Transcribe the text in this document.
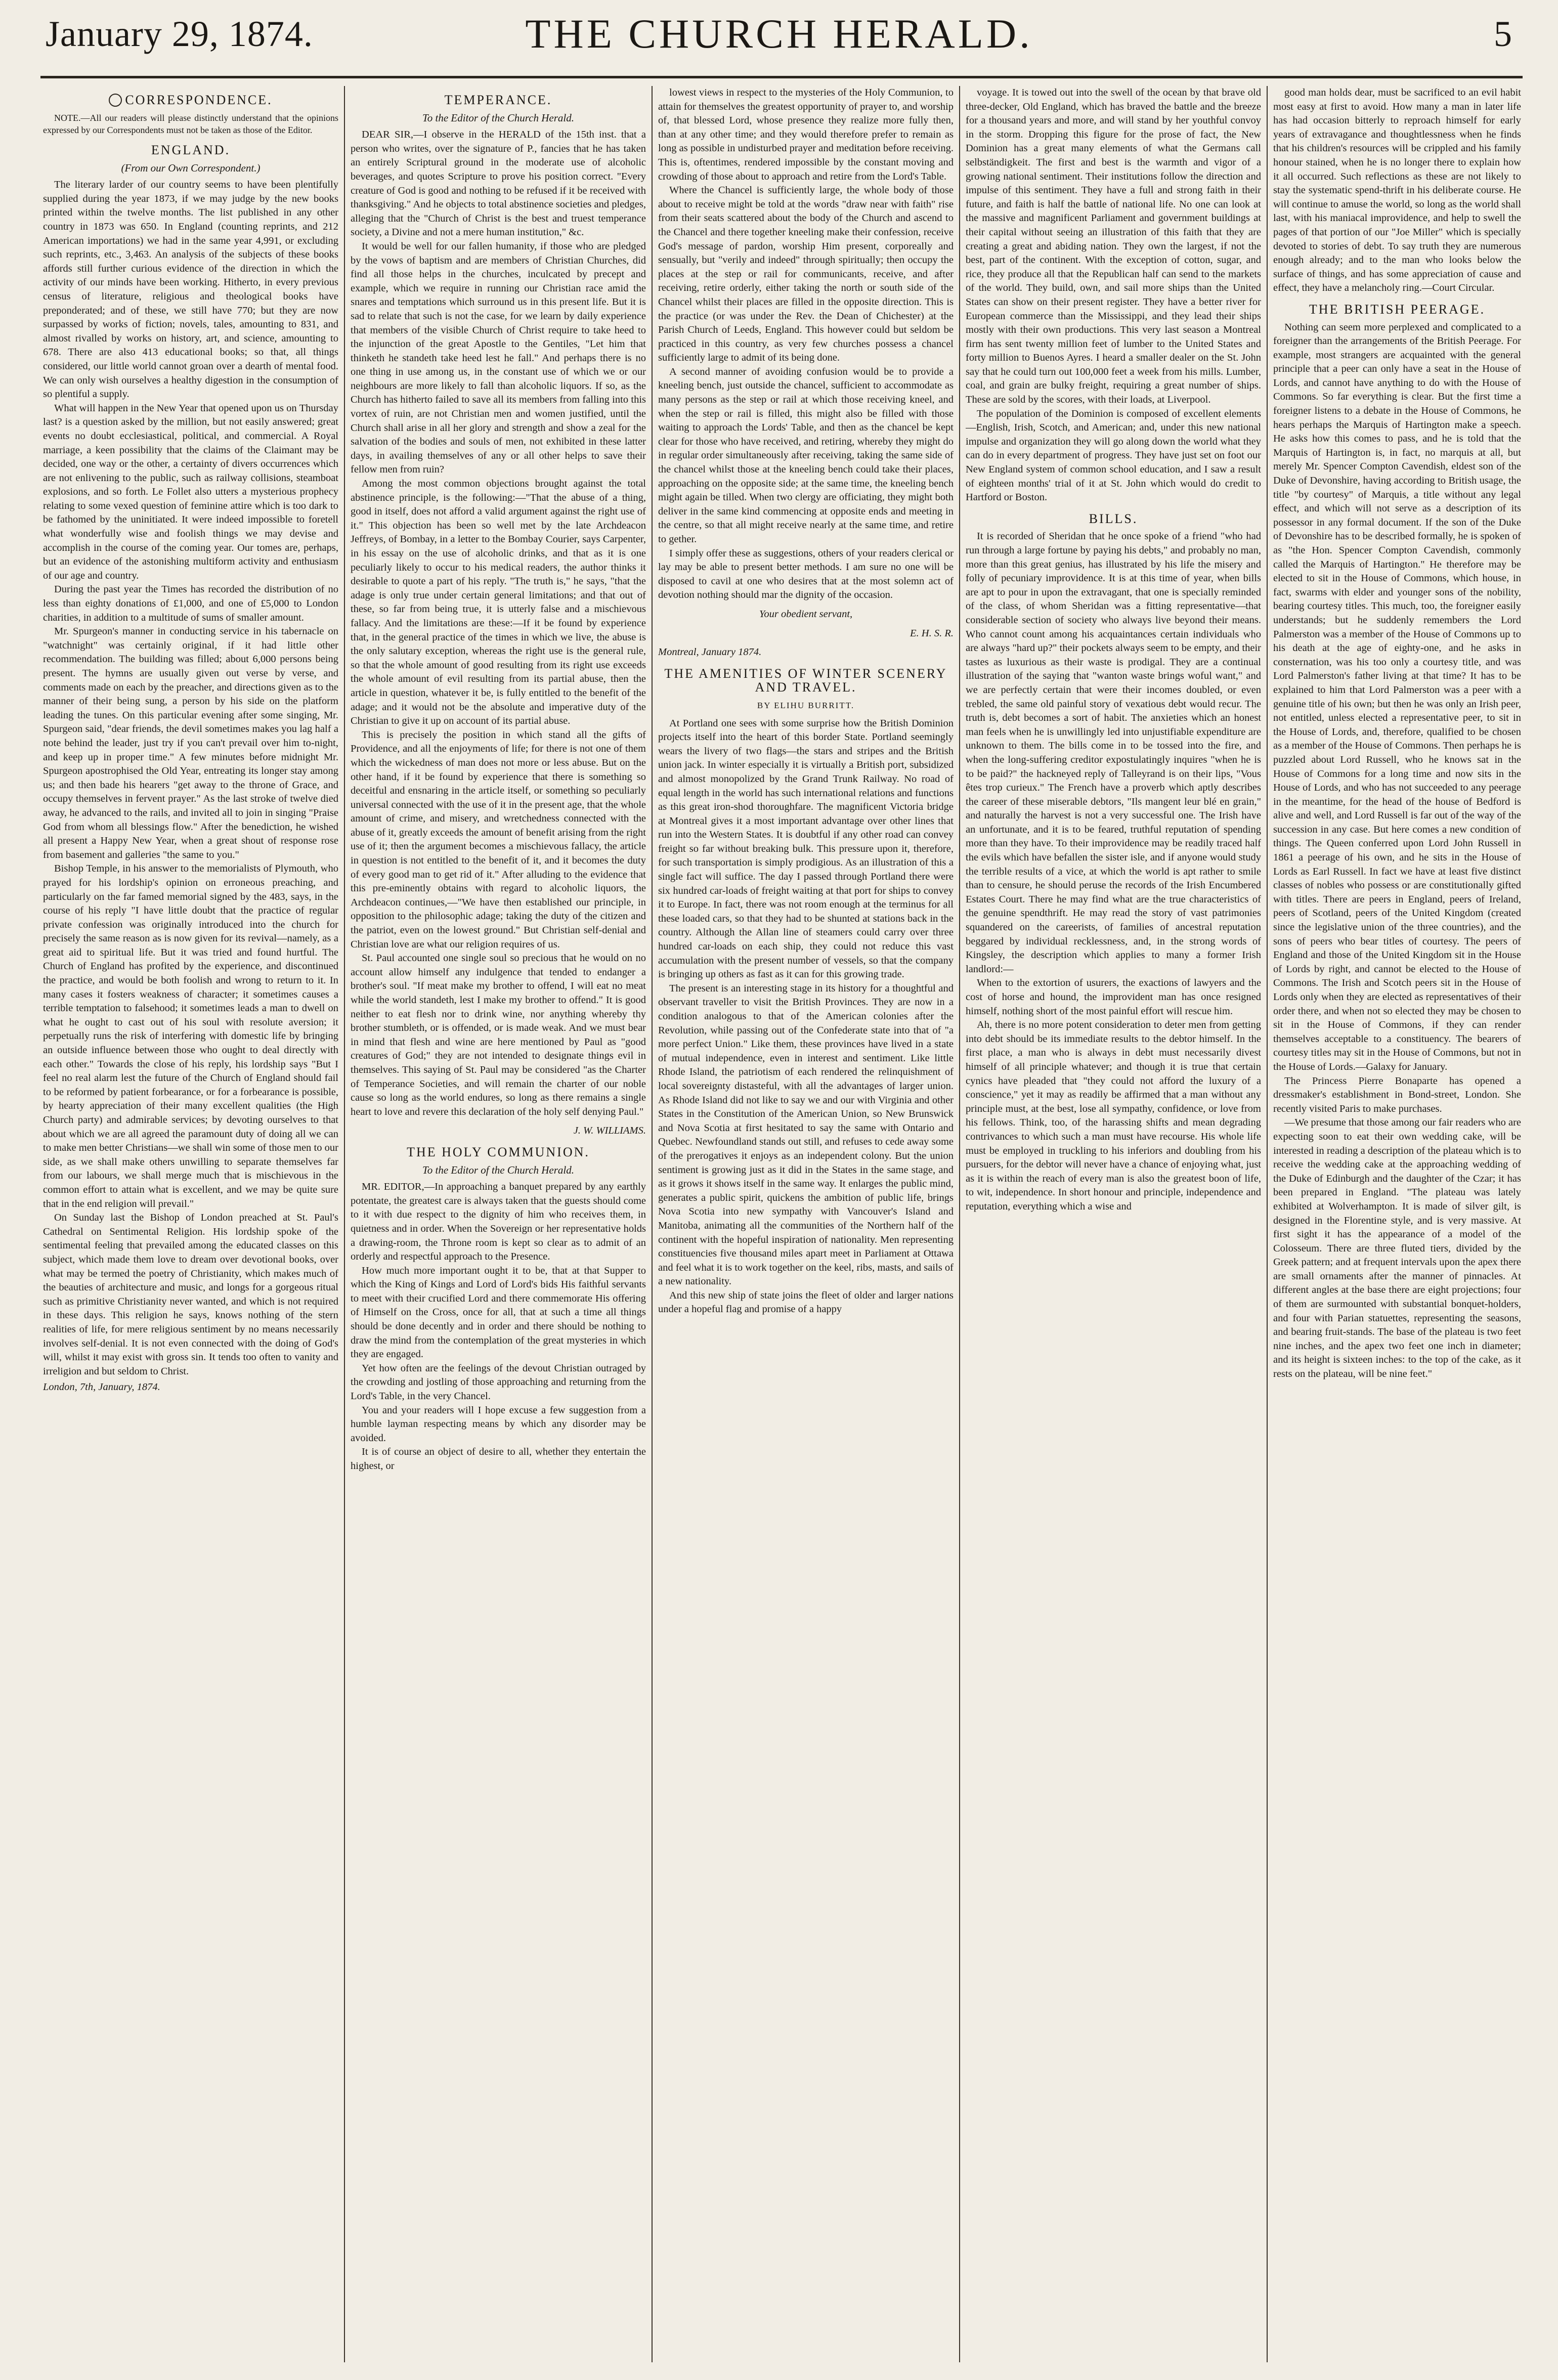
January 29, 1874.	THE CHURCH HERALD.	5
CORRESPONDENCE.

NOTE.—All our readers will please distinctly understand that the opinions expressed by our Correspondents must not be taken as those of the Editor.

ENGLAND.
(From our Own Correspondent.)

The literary larder of our country seems to have been plentifully supplied during the year 1873, if we may judge by the new books printed within the twelve months. The list published in any other country in 1873 was 650. In England (counting reprints, and 212 American importations) we had in the same year 4,991, or excluding such reprints, etc., 3,463. An analysis of the subjects of these books affords still further curious evidence of the direction in which the activity of our minds have been working. Hitherto, in every previous census of literature, religious and theological books have preponderated; and of these, we still have 770; but they are now surpassed by works of fiction; novels, tales, amounting to 831, and almost rivalled by works on history, art, and science, amounting to 678. There are also 413 educational books; so that, all things considered, our little world cannot groan over a dearth of mental food. We can only wish ourselves a healthy digestion in the consumption of so plentiful a supply.

What will happen in the New Year that opened upon us on Thursday last? is a question asked by the million, but not easily answered; great events no doubt ecclesiastical, political, and commercial. A Royal marriage, a keen possibility that the claims of the Claimant may be decided, one way or the other, a certainty of divers occurrences which are not enlivening to the public, such as railway collisions, steamboat explosions, and so forth. Le Follet also utters a mysterious prophecy relating to some vexed question of feminine attire which is too dark to be fathomed by the uninitiated. It were indeed impossible to foretell what wonderfully wise and foolish things we may devise and accomplish in the course of the coming year. Our tomes are, perhaps, but an evidence of the astonishing multiform activity and enthusiasm of our age and country.

During the past year the Times has recorded the distribution of no less than eighty donations of £1,000, and one of £5,000 to London charities, in addition to a multitude of sums of smaller amount.

Mr. Spurgeon's manner in conducting service in his tabernacle on "watchnight" was certainly original, if it had little other recommendation. The building was filled; about 6,000 persons being present. The hymns are usually given out verse by verse, and comments made on each by the preacher, and directions given as to the manner of their being sung, a person by his side on the platform leading the tunes. On this particular evening after some singing, Mr. Spurgeon said, "dear friends, the devil sometimes makes you lag half a note behind the leader, just try if you can't prevail over him to-night, and keep up in proper time." A few minutes before midnight Mr. Spurgeon apostrophised the Old Year, entreating its longer stay among us; and then bade his hearers "get away to the throne of Grace, and occupy themselves in fervent prayer." As the last stroke of twelve died away, he advanced to the rails, and invited all to join in singing "Praise God from whom all blessings flow." After the benediction, he wished all present a Happy New Year, when a great shout of response rose from basement and galleries "the same to you."

Bishop Temple, in his answer to the memorialists of Plymouth, who prayed for his lordship's opinion on erroneous preaching, and particularly on the far famed memorial signed by the 483, says, in the course of his reply "I have little doubt that the practice of regular private confession was originally introduced into the church for precisely the same reason as is now given for its revival—namely, as a great aid to spiritual life. But it was tried and found hurtful. The Church of England has profited by the experience, and discontinued the practice, and would be both foolish and wrong to return to it. In many cases it fosters weakness of character; it sometimes causes a terrible temptation to falsehood; it sometimes leads a man to dwell on what he ought to cast out of his soul with resolute aversion; it perpetually runs the risk of interfering with domestic life by bringing an outside influence between those who ought to deal directly with each other." Towards the close of his reply, his lordship says "But I feel no real alarm lest the future of the Church of England should fail to be reformed by patient forbearance, or for a forbearance is possible, by hearty appreciation of their many excellent qualities (the High Church party) and admirable services; by devoting ourselves to that about which we are all agreed the paramount duty of doing all we can to make men better Christians—we shall win some of those men to our side, as we shall make others unwilling to separate themselves far from our labours, we shall merge much that is mischievous in the common effort to attain what is excellent, and we may be quite sure that in the end religion will prevail."

On Sunday last the Bishop of London preached at St. Paul's Cathedral on Sentimental Religion. His lordship spoke of the sentimental feeling that prevailed among the educated classes on this subject, which made them love to dream over devotional books, over what may be termed the poetry of Christianity, which makes much of the beauties of architecture and music, and longs for a gorgeous ritual such as primitive Christianity never wanted, and which is not required in these days. This religion he says, knows nothing of the stern realities of life, for mere religious sentiment by no means necessarily involves self-denial. It is not even connected with the doing of God's will, whilst it may exist with gross sin. It tends too often to vanity and irreligion and but seldom to Christ.

London, 7th, January, 1874.

TEMPERANCE.
To the Editor of the Church Herald.

DEAR SIR,—I observe in the HERALD of the 15th inst. that a person who writes, over the signature of P., fancies that he has taken an entirely Scriptural ground in the moderate use of alcoholic beverages, and quotes Scripture to prove his position correct. "Every creature of God is good and nothing to be refused if it be received with thanksgiving." And he objects to total abstinence societies and pledges, alleging that the "Church of Christ is the best and truest temperance society, a Divine and not a mere human institution," &c.

It would be well for our fallen humanity, if those who are pledged by the vows of baptism and are members of Christian Churches, did find all those helps in the churches, inculcated by precept and example, which we require in running our Christian race amid the snares and temptations which surround us in this present life. But it is sad to relate that such is not the case, for we learn by daily experience that members of the visible Church of Christ require to take heed to the injunction of the great Apostle to the Gentiles, "Let him that thinketh he standeth take heed lest he fall." And perhaps there is no one thing in use among us, in the constant use of which we or our neighbours are more likely to fall than alcoholic liquors. If so, as the Church has hitherto failed to save all its members from falling into this vortex of ruin, are not Christian men and women justified, until the Church shall arise in all her glory and strength and show a zeal for the salvation of the bodies and souls of men, not exhibited in these latter days, in availing themselves of any or all other helps to save their fellow men from ruin?

Among the most common objections brought against the total abstinence principle, is the following:—"That the abuse of a thing, good in itself, does not afford a valid argument against the right use of it." This objection has been so well met by the late Archdeacon Jeffreys, of Bombay, in a letter to the Bombay Courier, says Carpenter, in his essay on the use of alcoholic drinks, and that as it is one peculiarly likely to occur to his medical readers, the author thinks it desirable to quote a part of his reply. "The truth is," he says, "that the adage is only true under certain general limitations; and that out of these, so far from being true, it is utterly false and a mischievous fallacy. And the limitations are these:—If it be found by experience that, in the general practice of the times in which we live, the abuse is the only salutary exception, whereas the right use is the general rule, so that the whole amount of good resulting from its right use exceeds the whole amount of evil resulting from its partial abuse, then the article in question, whatever it be, is fully entitled to the benefit of the adage; and it would not be the absolute and imperative duty of the Christian to give it up on account of its partial abuse.

This is precisely the position in which stand all the gifts of Providence, and all the enjoyments of life; for there is not one of them which the wickedness of man does not more or less abuse. But on the other hand, if it be found by experience that there is something so deceitful and ensnaring in the article itself, or something so peculiarly universal connected with the use of it in the present age, that the whole amount of crime, and misery, and wretchedness connected with the abuse of it, greatly exceeds the amount of benefit arising from the right use of it; then the argument becomes a mischievous fallacy, the article in question is not entitled to the benefit of it, and it becomes the duty of every good man to get rid of it." After alluding to the evidence that this pre-eminently obtains with regard to alcoholic liquors, the Archdeacon continues,—"We have then established our principle, in opposition to the philosophic adage; taking the duty of the citizen and the patriot, even on the lowest ground." But Christian self-denial and Christian love are what our religion requires of us.

St. Paul accounted one single soul so precious that he would on no account allow himself any indulgence that tended to endanger a brother's soul. "If meat make my brother to offend, I will eat no meat while the world standeth, lest I make my brother to offend." It is good neither to eat flesh nor to drink wine, nor anything whereby thy brother stumbleth, or is offended, or is made weak. And we must bear in mind that flesh and wine are here mentioned by Paul as "good creatures of God;" they are not intended to designate things evil in themselves. This saying of St. Paul may be considered "as the Charter of Temperance Societies, and will remain the charter of our noble cause so long as the world endures, so long as there remains a single heart to love and revere this declaration of the holy self denying Paul."

J. W. WILLIAMS.

THE HOLY COMMUNION.
To the Editor of the Church Herald.

MR. EDITOR,—In approaching a banquet prepared by any earthly potentate, the greatest care is always taken that the guests should come to it with due respect to the dignity of him who receives them, in quietness and in order. When the Sovereign or her representative holds a drawing-room, the Throne room is kept so clear as to admit of an orderly and respectful approach to the Presence.

How much more important ought it to be, that at that Supper to which the King of Kings and Lord of Lord's bids His faithful servants to meet with their crucified Lord and there commemorate His offering of Himself on the Cross, once for all, that at such a time all things should be done decently and in order and there should be nothing to draw the mind from the contemplation of the great mysteries in which they are engaged.

Yet how often are the feelings of the devout Christian outraged by the crowding and jostling of those approaching and returning from the Lord's Table, in the very Chancel.

You and your readers will I hope excuse a few suggestion from a humble layman respecting means by which any disorder may be avoided.

It is of course an object of desire to all, whether they entertain the highest, or

lowest views in respect to the mysteries of the Holy Communion, to attain for themselves the greatest opportunity of prayer to, and worship of, that blessed Lord, whose presence they realize more fully then, than at any other time; and they would therefore prefer to remain as long as possible in undisturbed prayer and meditation before receiving. This is, oftentimes, rendered impossible by the constant moving and crowding of those about to approach and retire from the Lord's Table.

Where the Chancel is sufficiently large, the whole body of those about to receive might be told at the words "draw near with faith" rise from their seats scattered about the body of the Church and ascend to the Chancel and there together kneeling make their confession, receive God's message of pardon, worship Him present, corporeally and sensually, but "verily and indeed" through spiritually; then occupy the places at the step or rail for communicants, receive, and after receiving, retire orderly, either taking the north or south side of the Chancel whilst their places are filled in the opposite direction. This is the practice (or was under the Rev. the Dean of Chichester) at the Parish Church of Leeds, England. This however could but seldom be practiced in this country, as very few churches possess a chancel sufficiently large to admit of its being done.

A second manner of avoiding confusion would be to provide a kneeling bench, just outside the chancel, sufficient to accommodate as many persons as the step or rail at which those receiving kneel, and when the step or rail is filled, this might also be filled with those waiting to approach the Lords' Table, and then as the chancel be kept clear for those who have received, and retiring, whereby they might do in regular order simultaneously after receiving, taking the same side of the chancel whilst those at the kneeling bench could take their places, approaching on the opposite side; at the same time, the kneeling bench might again be tilled. When two clergy are officiating, they might both deliver in the same kind commencing at opposite ends and meeting in the centre, so that all might receive nearly at the same time, and retire to gether.

I simply offer these as suggestions, others of your readers clerical or lay may be able to present better methods. I am sure no one will be disposed to cavil at one who desires that at the most solemn act of devotion nothing should mar the dignity of the occasion.

Your obedient servant,

E. H. S. R.

Montreal, January 1874.

THE AMENITIES OF WINTER SCENERY AND TRAVEL.
BY ELIHU BURRITT.

At Portland one sees with some surprise how the British Dominion projects itself into the heart of this border State. Portland seemingly wears the livery of two flags—the stars and stripes and the British union jack. In winter especially it is virtually a British port, subsidized and almost monopolized by the Grand Trunk Railway. No road of equal length in the world has such international relations and functions as this great iron-shod thoroughfare. The magnificent Victoria bridge at Montreal gives it a most important advantage over other lines that run into the Western States. It is doubtful if any other road can convey freight so far without breaking bulk. This pressure upon it, therefore, for such transportation is simply prodigious. As an illustration of this a single fact will suffice. The day I passed through Portland there were six hundred car-loads of freight waiting at that port for ships to convey it to Europe. In fact, there was not room enough at the terminus for all these loaded cars, so that they had to be shunted at stations back in the country. Although the Allan line of steamers could carry over three hundred car-loads on each ship, they could not reduce this vast accumulation with the present number of vessels, so that the company is bringing up others as fast as it can for this growing trade.

The present is an interesting stage in its history for a thoughtful and observant traveller to visit the British Provinces. They are now in a condition analogous to that of the American colonies after the Revolution, while passing out of the Confederate state into that of "a more perfect Union." Like them, these provinces have lived in a state of mutual independence, even in interest and sentiment. Like little Rhode Island, the patriotism of each rendered the relinquishment of local sovereignty distasteful, with all the advantages of larger union. As Rhode Island did not like to say we and our with Virginia and other States in the Constitution of the American Union, so New Brunswick and Nova Scotia at first hesitated to say the same with Ontario and Quebec. Newfoundland stands out still, and refuses to cede away some of the prerogatives it enjoys as an independent colony. But the union sentiment is growing just as it did in the States in the same stage, and as it grows it shows itself in the same way. It enlarges the public mind, generates a public spirit, quickens the ambition of public life, brings Nova Scotia into new sympathy with Vancouver's Island and Manitoba, animating all the communities of the Northern half of the continent with the hopeful inspiration of nationality. Men representing constituencies five thousand miles apart meet in Parliament at Ottawa and feel what it is to work together on the keel, ribs, masts, and sails of a new nationality.

And this new ship of state joins the fleet of older and larger nations under a hopeful flag and promise of a happy

voyage. It is towed out into the swell of the ocean by that brave old three-decker, Old England, which has braved the battle and the breeze for a thousand years and more, and will stand by her youthful convoy in the storm. Dropping this figure for the prose of fact, the New Dominion has a great many elements of what the Germans call selbständigkeit. The first and best is the warmth and vigor of a growing national sentiment. Their institutions follow the direction and impulse of this sentiment. They have a full and strong faith in their future, and faith is half the battle of national life. No one can look at the massive and magnificent Parliament and government buildings at their capital without seeing an illustration of this faith that they are creating a great and abiding nation. They own the largest, if not the best, part of the continent. With the exception of cotton, sugar, and rice, they produce all that the Republican half can send to the markets of the world. They build, own, and sail more ships than the United States can show on their present register. They have a better river for European commerce than the Mississippi, and they lead their ships mostly with their own productions. This very last season a Montreal firm has sent twenty million feet of lumber to the United States and forty million to Buenos Ayres. I heard a smaller dealer on the St. John say that he could turn out 100,000 feet a week from his mills. Lumber, coal, and grain are bulky freight, requiring a great number of ships. These are sold by the scores, with their loads, at Liverpool.

The population of the Dominion is composed of excellent elements—English, Irish, Scotch, and American; and, under this new national impulse and organization they will go along down the world what they can do in every department of progress. They have just set on foot our New England system of common school education, and I saw a result of eighteen months' trial of it at St. John which would do credit to Hartford or Boston.

BILLS.

It is recorded of Sheridan that he once spoke of a friend "who had run through a large fortune by paying his debts," and probably no man, more than this great genius, has illustrated by his life the misery and folly of pecuniary improvidence. It is at this time of year, when bills are apt to pour in upon the extravagant, that one is specially reminded of the class, of whom Sheridan was a fitting representative—that considerable section of society who always live beyond their means. Who cannot count among his acquaintances certain individuals who are always "hard up?" their pockets always seem to be empty, and their tastes as luxurious as their waste is prodigal. They are a continual illustration of the saying that "wanton waste brings woful want," and we are perfectly certain that were their incomes doubled, or even trebled, the same old painful story of vexatious debt would recur. The truth is, debt becomes a sort of habit. The anxieties which an honest man feels when he is unwillingly led into unjustifiable expenditure are unknown to them. The bills come in to be tossed into the fire, and when the long-suffering creditor expostulatingly inquires "when he is to be paid?" the hackneyed reply of Talleyrand is on their lips, "Vous êtes trop curieux." The French have a proverb which aptly describes the career of these miserable debtors, "Ils mangent leur blé en grain," and naturally the harvest is not a very successful one. The Irish have an unfortunate, and it is to be feared, truthful reputation of spending more than they have. To their improvidence may be readily traced half the evils which have befallen the sister isle, and if anyone would study the terrible results of a vice, at which the world is apt rather to smile than to censure, he should peruse the records of the Irish Encumbered Estates Court. There he may find what are the true characteristics of the genuine spendthrift. He may read the story of vast patrimonies squandered on the careerists, of families of ancestral reputation beggared by individual recklessness, and, in the strong words of Kingsley, the description which applies to many a former Irish landlord:—

When to the extortion of usurers, the exactions of lawyers and the cost of horse and hound, the improvident man has once resigned himself, nothing short of the most painful effort will rescue him.

Ah, there is no more potent consideration to deter men from getting into debt should be its immediate results to the debtor himself. In the first place, a man who is always in debt must necessarily divest himself of all principle whatever; and though it is true that certain cynics have pleaded that "they could not afford the luxury of a conscience," yet it may as readily be affirmed that a man without any principle must, at the best, lose all sympathy, confidence, or love from his fellows. Think, too, of the harassing shifts and mean degrading contrivances to which such a man must have recourse. His whole life must be employed in truckling to his inferiors and doubling from his pursuers, for the debtor will never have a chance of enjoying what, just as it is within the reach of every man is also the greatest boon of life, to wit, independence. In short honour and principle, independence and reputation, everything which a wise and

good man holds dear, must be sacrificed to an evil habit most easy at first to avoid. How many a man in later life has had occasion bitterly to reproach himself for early years of extravagance and thoughtlessness when he finds that his children's resources will be crippled and his family honour stained, when he is no longer there to explain how it all occurred. Such reflections as these are not likely to stay the systematic spend-thrift in his deliberate course. He will continue to amuse the world, so long as the world shall last, with his maniacal improvidence, and help to swell the pages of that portion of our "Joe Miller" which is specially devoted to stories of debt. To say truth they are numerous enough already; and to the man who looks below the surface of things, and has some appreciation of cause and effect, they have a melancholy ring.—Court Circular.

THE BRITISH PEERAGE.

Nothing can seem more perplexed and complicated to a foreigner than the arrangements of the British Peerage. For example, most strangers are acquainted with the general principle that a peer can only have a seat in the House of Lords, and cannot have anything to do with the House of Commons. So far everything is clear. But the first time a foreigner listens to a debate in the House of Commons, he hears perhaps the Marquis of Hartington make a speech. He asks how this comes to pass, and he is told that the Marquis of Hartington is, in fact, no marquis at all, but merely Mr. Spencer Compton Cavendish, eldest son of the Duke of Devonshire, having according to British usage, the title "by courtesy" of Marquis, a title without any legal effect, and which will not serve as a description of its possessor in any formal document. If the son of the Duke of Devonshire has to be described formally, he is spoken of as "the Hon. Spencer Compton Cavendish, commonly called the Marquis of Hartington." He therefore may be elected to sit in the House of Commons, which house, in fact, swarms with elder and younger sons of the nobility, bearing courtesy titles. This much, too, the foreigner easily understands; but he suddenly remembers the Lord Palmerston was a member of the House of Commons up to his death at the age of eighty-one, and he asks in consternation, was his too only a courtesy title, and was Lord Palmerston's father living at that time? It has to be explained to him that Lord Palmerston was a peer with a genuine title of his own; but then he was only an Irish peer, not entitled, unless elected a representative peer, to sit in the House of Lords, and, therefore, qualified to be chosen as a member of the House of Commons. Then perhaps he is puzzled about Lord Russell, who he knows sat in the House of Commons for a long time and now sits in the House of Lords, and who has not succeeded to any peerage in the meantime, for the head of the house of Bedford is alive and well, and Lord Russell is far out of the way of the succession in any case. But here comes a new condition of things. The Queen conferred upon Lord John Russell in 1861 a peerage of his own, and he sits in the House of Lords as Earl Russell. In fact we have at least five distinct classes of nobles who possess or are constitutionally gifted with titles. There are peers in England, peers of Ireland, peers of Scotland, peers of the United Kingdom (created since the legislative union of the three countries), and the sons of peers who bear titles of courtesy. The peers of England and those of the United Kingdom sit in the House of Lords by right, and cannot be elected to the House of Commons. The Irish and Scotch peers sit in the House of Lords only when they are elected as representatives of their order there, and when not so elected they may be chosen to sit in the House of Commons, if they can render themselves acceptable to a constituency. The bearers of courtesy titles may sit in the House of Commons, but not in the House of Lords.—Galaxy for January.

The Princess Pierre Bonaparte has opened a dressmaker's establishment in Bond-street, London. She recently visited Paris to make purchases.

—We presume that those among our fair readers who are expecting soon to eat their own wedding cake, will be interested in reading a description of the plateau which is to receive the wedding cake at the approaching wedding of the Duke of Edinburgh and the daughter of the Czar; it has been prepared in England. "The plateau was lately exhibited at Wolverhampton. It is made of silver gilt, is designed in the Florentine style, and is very massive. At first sight it has the appearance of a model of the Colosseum. There are three fluted tiers, divided by the Greek pattern; and at frequent intervals upon the apex there are small ornaments after the manner of pinnacles. At different angles at the base there are eight projections; four of them are surmounted with substantial bonquet-holders, and four with Parian statuettes, representing the seasons, and bearing fruit-stands. The base of the plateau is two feet nine inches, and the apex two feet one inch in diameter; and its height is sixteen inches: to the top of the cake, as it rests on the plateau, will be nine feet."
